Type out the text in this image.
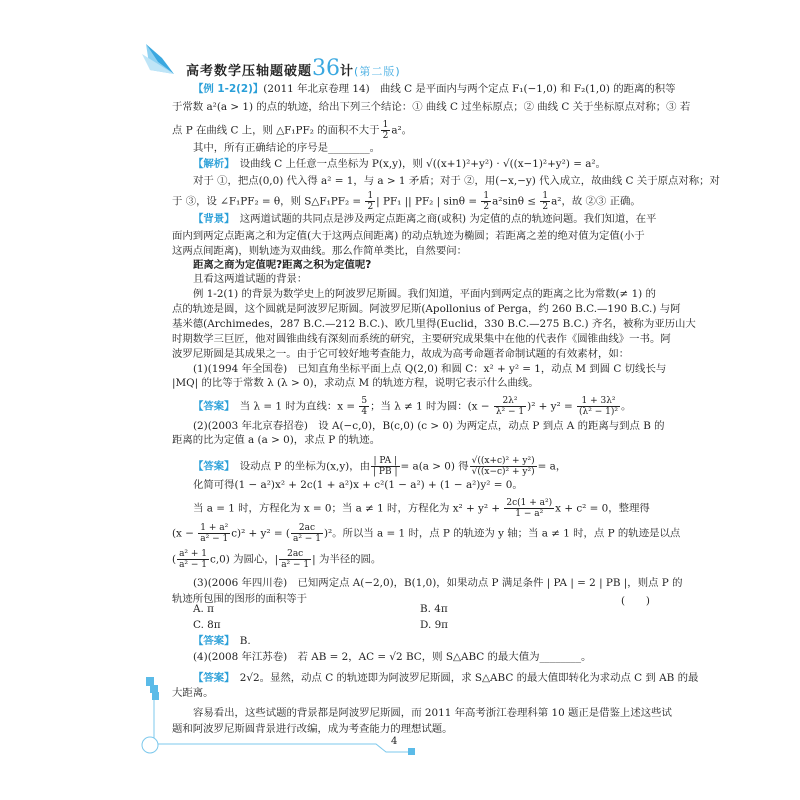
高考数学压轴题破题36计(第二版)
【例 1-2(2)】(2011 年北京卷理 14)　曲线 C 是平面内与两个定点 F₁(−1,0) 和 F₂(1,0) 的距离的积等
于常数 a²(a > 1) 的点的轨迹，给出下列三个结论：① 曲线 C 过坐标原点；② 曲线 C 关于坐标原点对称；③ 若
点 P 在曲线 C 上，则 △F₁PF₂ 的面积不大于 $\frac{1}{2} a^2$。
其中，所有正确结论的序号是________。
【解析】　设曲线 C 上任意一点坐标为 P(x,y)，则 √((x+1)²+y²) · √((x−1)²+y²) = a²。
对于 ①，把点(0,0) 代入得 a² = 1，与 a > 1 矛盾；对于 ②，用(−x,−y) 代入成立，故曲线 C 关于原点对称；对
于 ③，设 ∠F₁PF₂ = θ，则 S△F₁PF₂ = $\frac{1}{2}$ | PF₁ || PF₂ | $\sin\theta = \frac{1}{2} a^2\sin\theta \le \frac{1}{2} a^2$，故 ②③ 正确。
【背景】　这两道试题的共同点是涉及两定点距离之商(或积) 为定值的点的轨迹问题。我们知道，在平
面内到两定点距离之和为定值(大于这两点间距离) 的动点轨迹为椭圆；若距离之差的绝对值为定值(小于
这两点间距离)，则轨迹为双曲线。那么作简单类比，自然要问：
距离之商为定值呢?距离之积为定值呢?
且看这两道试题的背景：
例 1-2(1) 的背景为数学史上的阿波罗尼斯圆。我们知道，平面内到两定点的距离之比为常数(≠ 1) 的
点的轨迹是圆，这个圆就是阿波罗尼斯圆。阿波罗尼斯(Apollonius of Perga，约 260 B.C.—190 B.C.) 与阿
基米德(Archimedes，287 B.C.—212 B.C.)、欧几里得(Euclid，330 B.C.—275 B.C.) 齐名，被称为亚历山大
时期数学三巨匠，他对圆锥曲线有深刻而系统的研究，主要研究成果集中在他的代表作《圆锥曲线》一书。阿
波罗尼斯圆是其成果之一。由于它可较好地考查能力，故成为高考命题者命制试题的有效素材，如：
(1)(1994 年全国卷)　已知直角坐标平面上点 Q(2,0) 和圆 C：x² + y² = 1，动点 M 到圆 C 切线长与
|MQ| 的比等于常数 λ (λ > 0)，求动点 M 的轨迹方程，说明它表示什么曲线。
【答案】　当 λ = 1 时为直线：$x = \frac{5}{4}$ ；当 λ ≠ 1 时为圆：$(x - \frac{\text{2λ²}}{\text{λ² − 1}} )^2 + y^2 = \frac{\text{1 + 3λ²}}{\text{(λ² − 1)²}}$ 。
(2)(2003 年北京春招卷)　设 A(−c,0)，B(c,0) (c > 0) 为两定点，动点 P 到点 A 的距离与到点 B 的
距离的比为定值 a (a > 0)，求点 P 的轨迹。
【答案】　设动点 P 的坐标为(x,y)，由 $\frac{| PA |}{| PB |} = a(a > 0)$ 得 $\frac{\text{√((x+c)² + y²)}}{\text{√((x−c)² + y²)}} = a$，
化简可得(1 − a²)x² + 2c(1 + a²)x + c²(1 − a²) + (1 − a²)y² = 0。
当 a = 1 时，方程化为 x = 0；当 a ≠ 1 时，方程化为 $x^2 + y^2 + \frac{\text{2c(1 + a²)}}{\text{1 − a²}}$ x + c² = 0，整理得
$(x - \frac{\text{1 + a²}}{\text{a² − 1}} c)^2 + y^2$ = ( $\frac{2ac}{\text{a² − 1}} )^2$。所以当 a = 1 时，点 P 的轨迹为 y 轴；当 a ≠ 1 时，点 P 的轨迹是以点
( $\frac{\text{a² + 1}}{\text{a² − 1}} c,0$) 为圆心，| $\frac{2ac}{\text{a² − 1}}$ | 为半径的圆。
(3)(2006 年四川卷)　已知两定点 A(−2,0)，B(1,0)，如果动点 P 满足条件 | PA | = 2 | PB |，则点 P 的
轨迹所包围的图形的面积等于
【答案】　B.
(4)(2008 年江苏卷)　若 AB = 2，AC = √2 BC，则 S△ABC 的最大值为________。
【答案】　2√2。显然，动点 C 的轨迹即为阿波罗尼斯圆，求 S△ABC 的最大值即转化为求动点 C 到 AB 的最
大距离。
容易看出，这些试题的背景都是阿波罗尼斯圆，而 2011 年高考浙江卷理科第 10 题正是借鉴上述这些试
题和阿波罗尼斯圆背景进行改编，成为考查能力的理想试题。
(　　)
A. π	B. 4π
C. 8π	D. 9π
4
